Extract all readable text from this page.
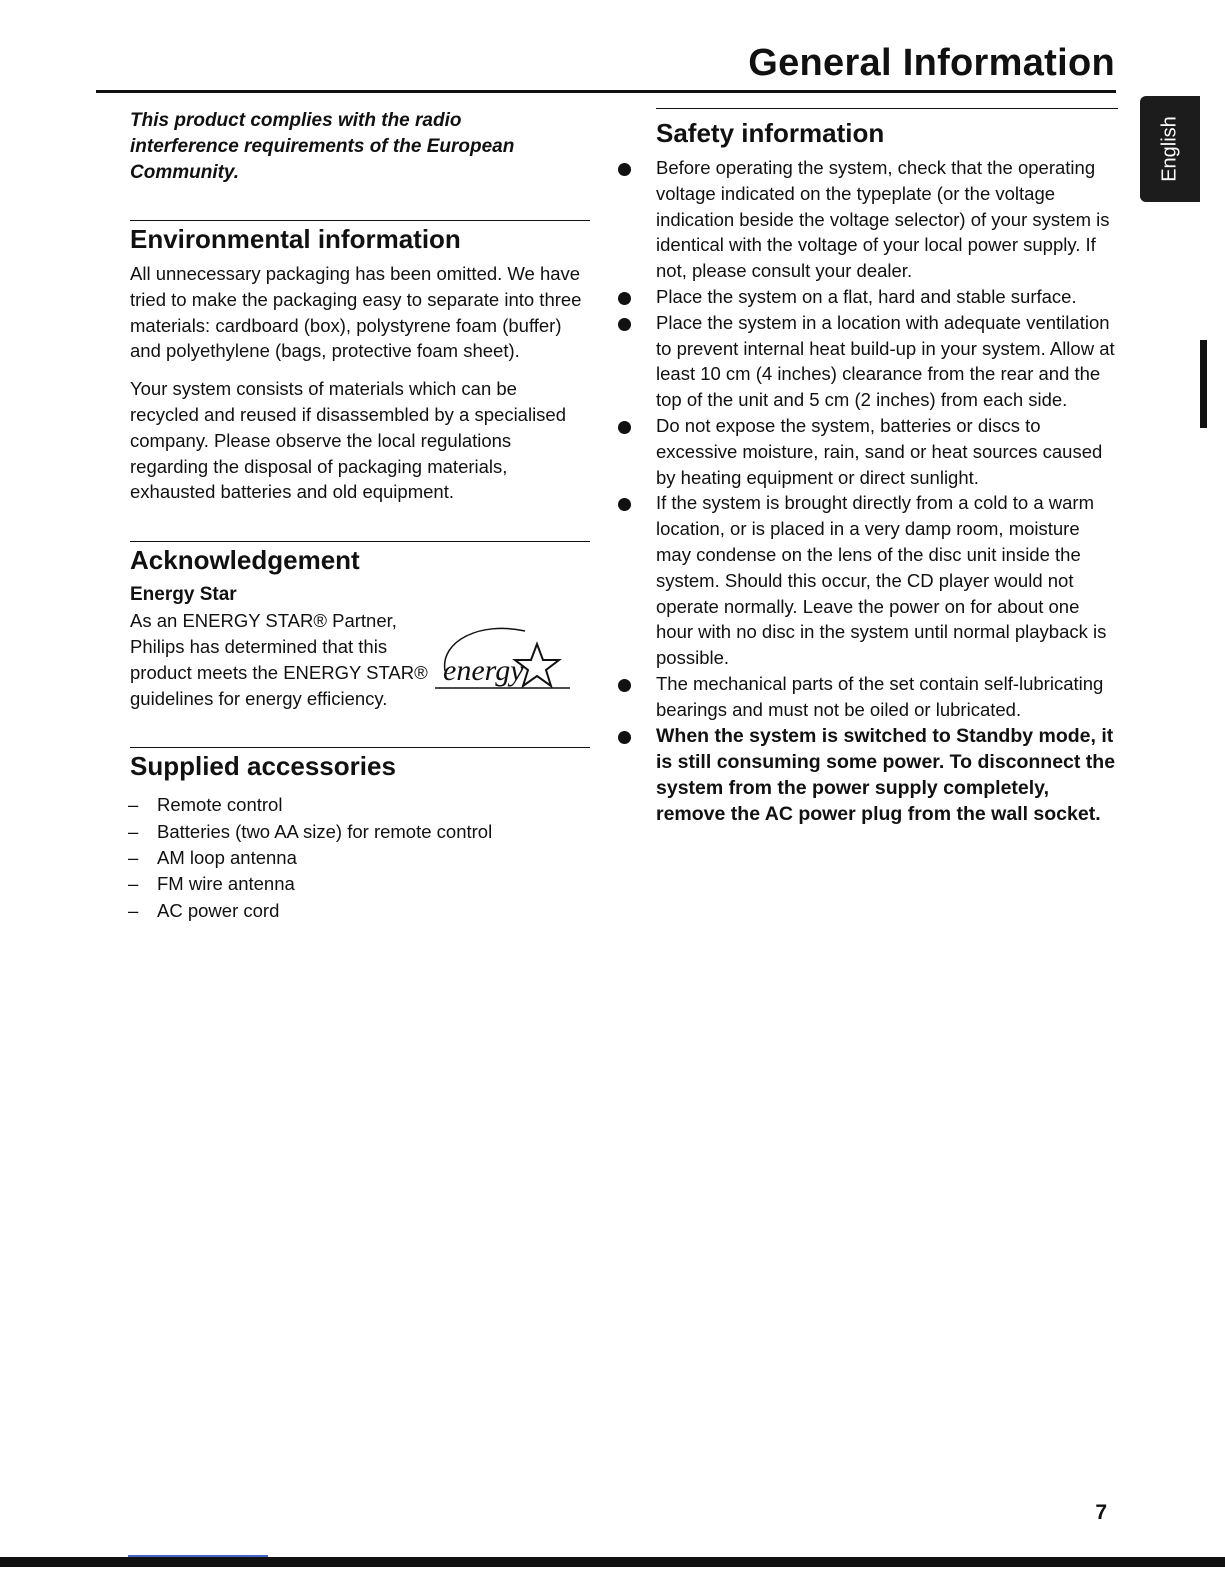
General Information
English

This product complies with the radio interference requirements of the European Community.

Environmental information

All unnecessary packaging has been omitted. We have tried to make the packaging easy to separate into three materials: cardboard (box), polystyrene foam (buffer) and polyethylene (bags, protective foam sheet).

Your system consists of materials which can be recycled and reused if disassembled by a specialised company. Please observe the local regulations regarding the disposal of packaging materials, exhausted batteries and old equipment.

Acknowledgement

Energy Star

As an ENERGY STAR® Partner, Philips has determined that this product meets the ENERGY STAR® guidelines for energy efficiency.

energy
Supplied accessories
– Remote control
– Batteries (two AA size) for remote control
– AM loop antenna
– FM wire antenna
– AC power cord
Safety information
Before operating the system, check that the operating voltage indicated on the typeplate (or the voltage indication beside the voltage selector) of your system is identical with the voltage of your local power supply. If not, please consult your dealer.
Place the system on a flat, hard and stable surface.
Place the system in a location with adequate ventilation to prevent internal heat build-up in your system. Allow at least 10 cm (4 inches) clearance from the rear and the top of the unit and 5 cm (2 inches) from each side.
Do not expose the system, batteries or discs to excessive moisture, rain, sand or heat sources caused by heating equipment or direct sunlight.
If the system is brought directly from a cold to a warm location, or is placed in a very damp room, moisture may condense on the lens of the disc unit inside the system. Should this occur, the CD player would not operate normally. Leave the power on for about one hour with no disc in the system until normal playback is possible.
The mechanical parts of the set contain self-lubricating bearings and must not be oiled or lubricated.
When the system is switched to Standby mode, it is still consuming some power. To disconnect the system from the power supply completely, remove the AC power plug from the wall socket.
7
